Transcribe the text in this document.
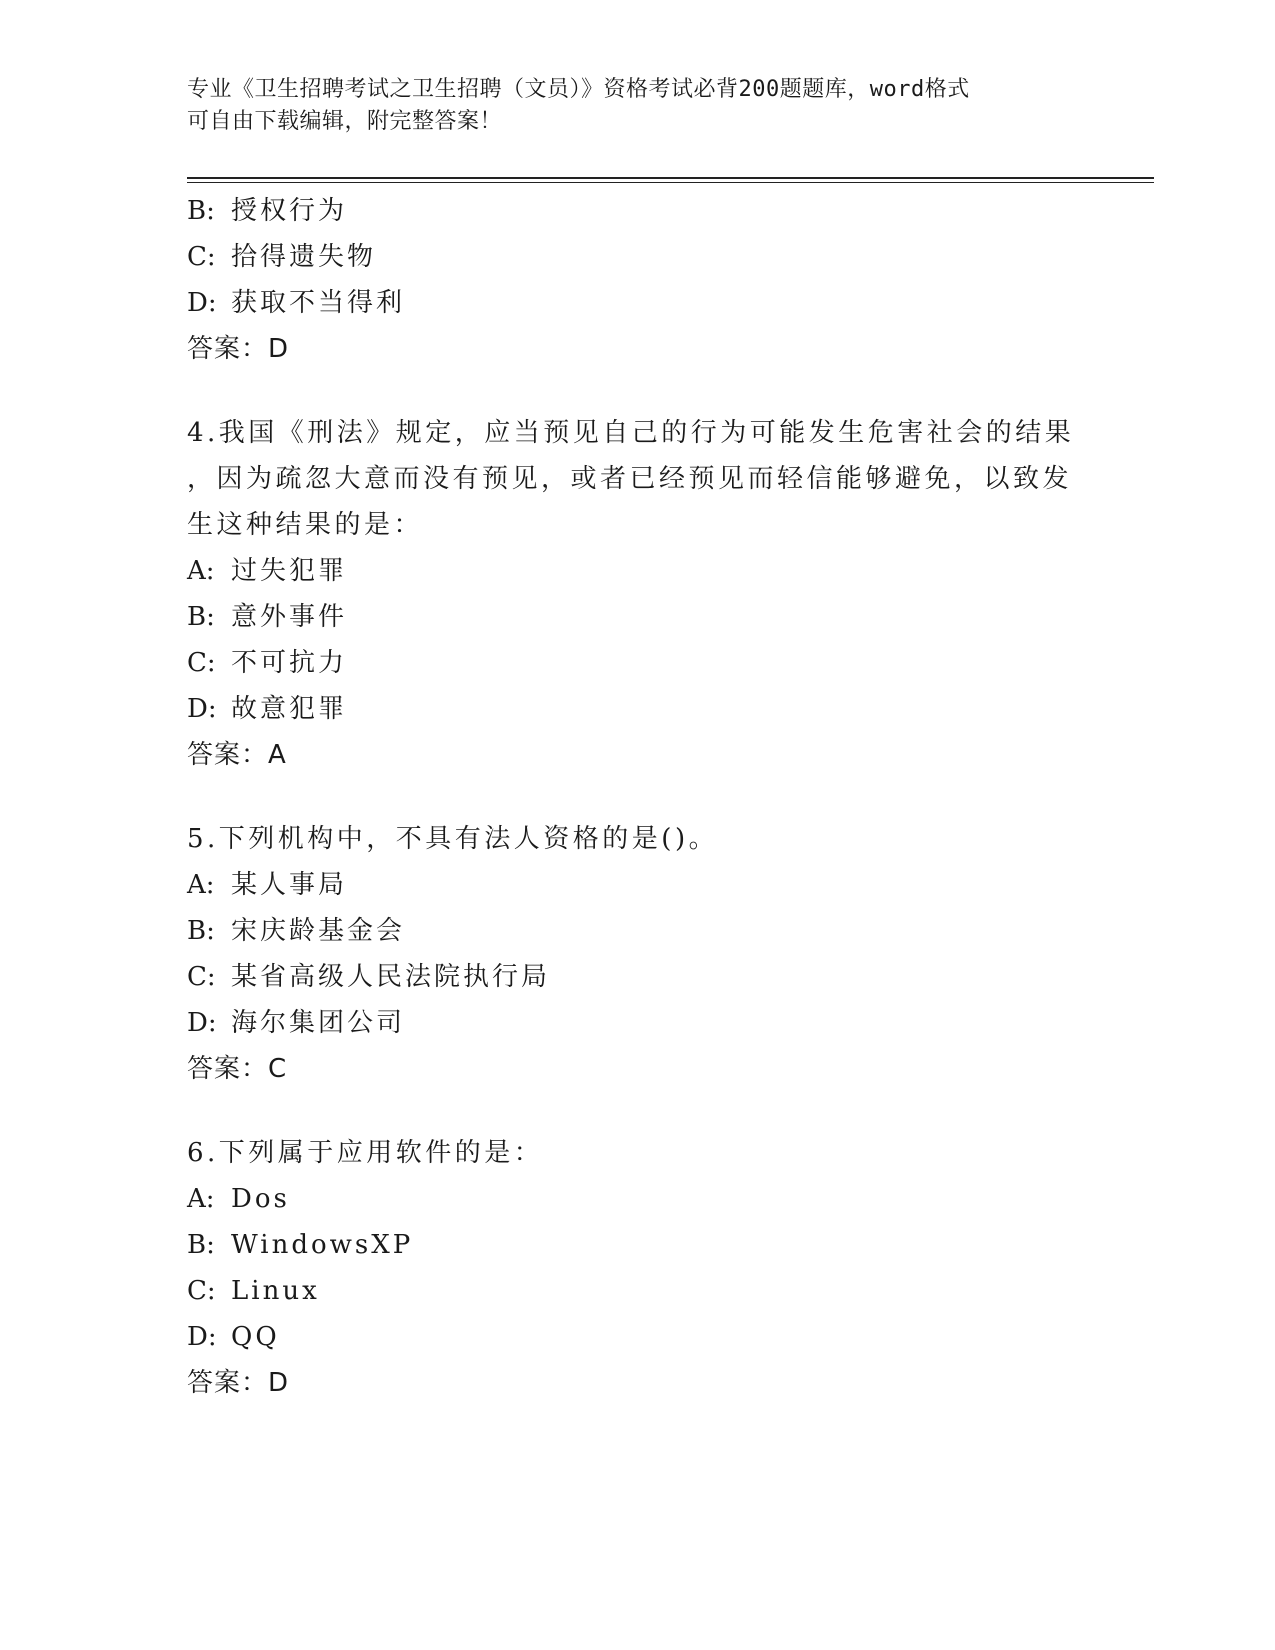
专业《卫生招聘考试之卫生招聘（文员）》资格考试必背200题题库，word格式
可自由下载编辑，附完整答案！
B: 授权行为
C: 拾得遗失物
D: 获取不当得利
答案：D
4.我国《刑法》规定，应当预见自己的行为可能发生危害社会的结果
，因为疏忽大意而没有预见，或者已经预见而轻信能够避免，以致发
生这种结果的是：
A: 过失犯罪
B: 意外事件
C: 不可抗力
D: 故意犯罪
答案：A
5.下列机构中，不具有法人资格的是()。
A: 某人事局
B: 宋庆龄基金会
C: 某省高级人民法院执行局
D: 海尔集团公司
答案：C
6.下列属于应用软件的是：
A: Dos
B: WindowsXP
C: Linux
D: QQ
答案：D
